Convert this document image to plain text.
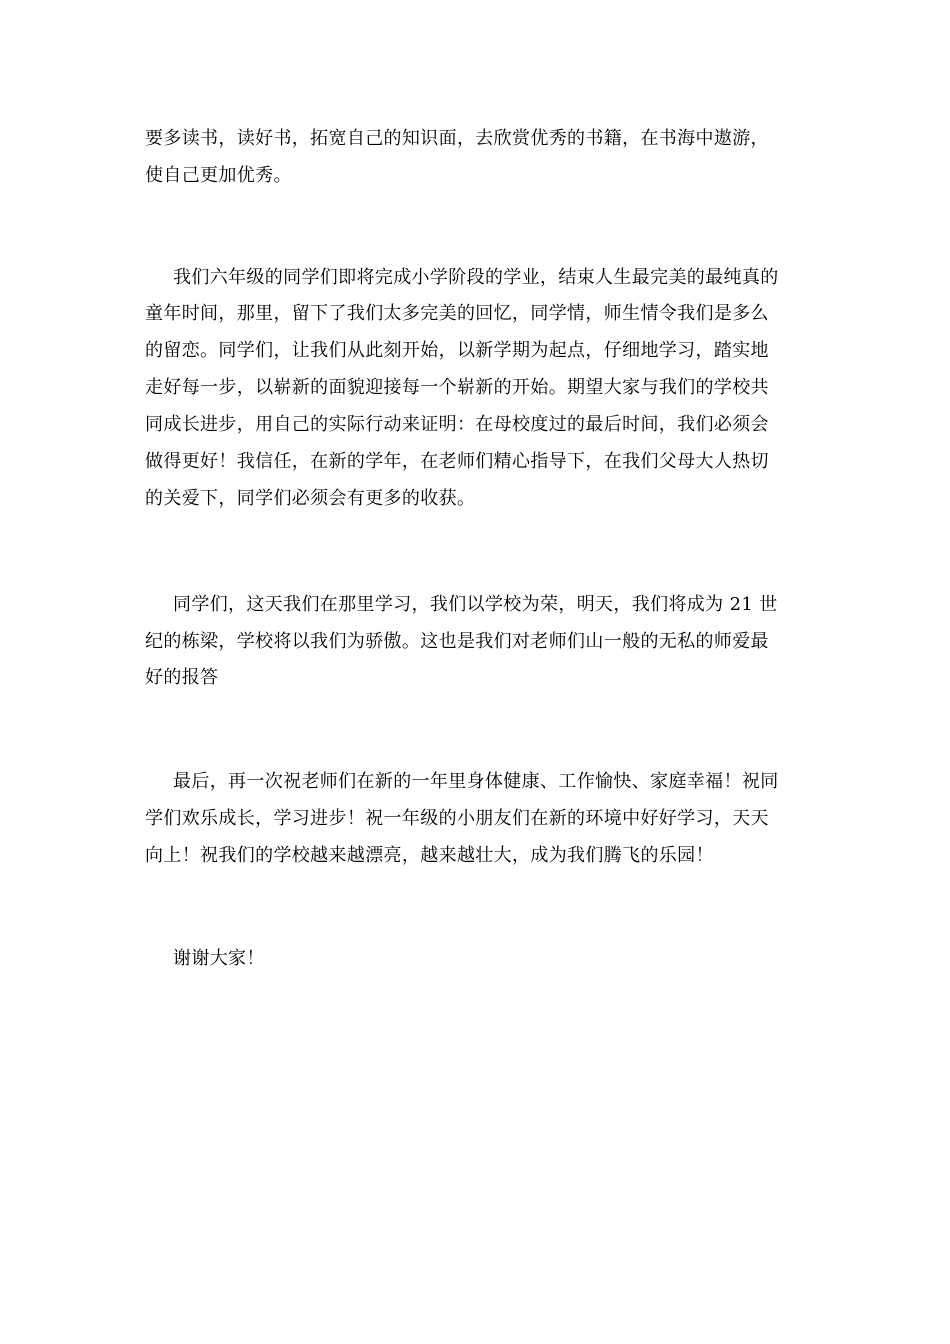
要多读书，读好书，拓宽自己的知识面，去欣赏优秀的书籍，在书海中遨游，
使自己更加优秀。
我们六年级的同学们即将完成小学阶段的学业，结束人生最完美的最纯真的
童年时间，那里，留下了我们太多完美的回忆，同学情，师生情令我们是多么
的留恋。同学们，让我们从此刻开始，以新学期为起点，仔细地学习，踏实地
走好每一步，以崭新的面貌迎接每一个崭新的开始。期望大家与我们的学校共
同成长进步，用自己的实际行动来证明：在母校度过的最后时间，我们必须会
做得更好！我信任，在新的学年，在老师们精心指导下，在我们父母大人热切
的关爱下，同学们必须会有更多的收获。
同学们，这天我们在那里学习，我们以学校为荣，明天，我们将成为 21 世
纪的栋梁，学校将以我们为骄傲。这也是我们对老师们山一般的无私的师爱最
好的报答
最后，再一次祝老师们在新的一年里身体健康、工作愉快、家庭幸福！祝同
学们欢乐成长，学习进步！祝一年级的小朋友们在新的环境中好好学习，天天
向上！祝我们的学校越来越漂亮，越来越壮大，成为我们腾飞的乐园！
谢谢大家！
